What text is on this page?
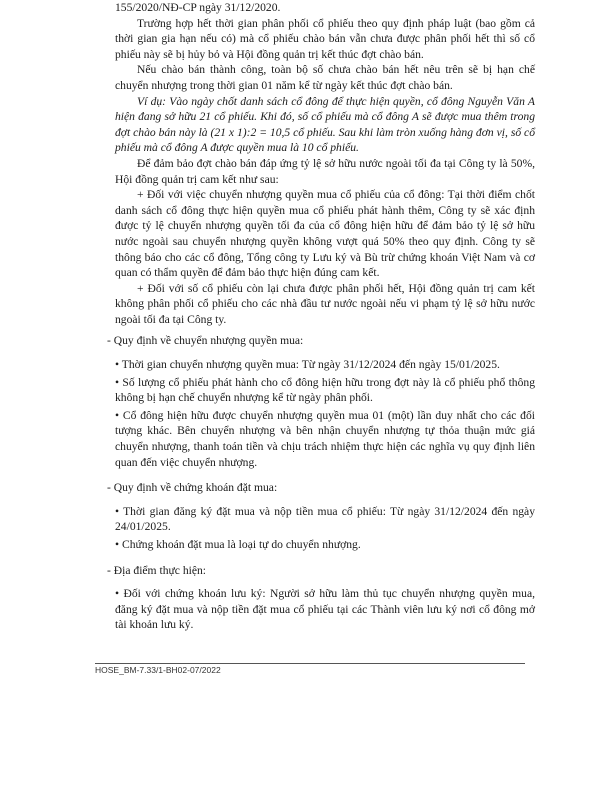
155/2020/NĐ-CP ngày 31/12/2020.

Trường hợp hết thời gian phân phối cổ phiếu theo quy định pháp luật (bao gồm cả thời gian gia hạn nếu có) mà cổ phiếu chào bán vẫn chưa được phân phối hết thì số cổ phiếu này sẽ bị hủy bỏ và Hội đồng quản trị kết thúc đợt chào bán.

Nếu chào bán thành công, toàn bộ số chưa chào bán hết nêu trên sẽ bị hạn chế chuyển nhượng trong thời gian 01 năm kể từ ngày kết thúc đợt chào bán.

Ví dụ: Vào ngày chốt danh sách cổ đông để thực hiện quyền, cổ đông Nguyễn Văn A hiện đang sở hữu 21 cổ phiếu. Khi đó, số cổ phiếu mà cổ đông A sẽ được mua thêm trong đợt chào bán này là (21 x 1):2 = 10,5 cổ phiếu. Sau khi làm tròn xuống hàng đơn vị, số cổ phiếu mà cổ đông A được quyền mua là 10 cổ phiếu.

Để đảm bảo đợt chào bán đáp ứng tỷ lệ sở hữu nước ngoài tối đa tại Công ty là 50%, Hội đồng quản trị cam kết như sau:

+ Đối với việc chuyển nhượng quyền mua cổ phiếu của cổ đông: Tại thời điểm chốt danh sách cổ đông thực hiện quyền mua cổ phiếu phát hành thêm, Công ty sẽ xác định được tỷ lệ chuyển nhượng quyền tối đa của cổ đông hiện hữu để đảm bảo tỷ lệ sở hữu nước ngoài sau chuyển nhượng quyền không vượt quá 50% theo quy định. Công ty sẽ thông báo cho các cổ đông, Tổng công ty Lưu ký và Bù trừ chứng khoán Việt Nam và cơ quan có thẩm quyền để đảm bảo thực hiện đúng cam kết.

+ Đối với số cổ phiếu còn lại chưa được phân phối hết, Hội đồng quản trị cam kết không phân phối cổ phiếu cho các nhà đầu tư nước ngoài nếu vi phạm tỷ lệ sở hữu nước ngoài tối đa tại Công ty.

- Quy định về chuyển nhượng quyền mua:

• Thời gian chuyển nhượng quyền mua: Từ ngày 31/12/2024 đến ngày 15/01/2025.

• Số lượng cổ phiếu phát hành cho cổ đông hiện hữu trong đợt này là cổ phiếu phổ thông không bị hạn chế chuyển nhượng kể từ ngày phân phối.

• Cổ đông hiện hữu được chuyển nhượng quyền mua 01 (một) lần duy nhất cho các đối tượng khác. Bên chuyển nhượng và bên nhận chuyển nhượng tự thỏa thuận mức giá chuyển nhượng, thanh toán tiền và chịu trách nhiệm thực hiện các nghĩa vụ quy định liên quan đến việc chuyển nhượng.

- Quy định về chứng khoán đặt mua:

• Thời gian đăng ký đặt mua và nộp tiền mua cổ phiếu: Từ ngày 31/12/2024 đến ngày 24/01/2025.

• Chứng khoán đặt mua là loại tự do chuyển nhượng.

- Địa điểm thực hiện:

• Đối với chứng khoán lưu ký: Người sở hữu làm thủ tục chuyển nhượng quyền mua, đăng ký đặt mua và nộp tiền đặt mua cổ phiếu tại các Thành viên lưu ký nơi cổ đông mở tài khoản lưu ký.

HOSE_BM-7.33/1-BH02-07/2022
